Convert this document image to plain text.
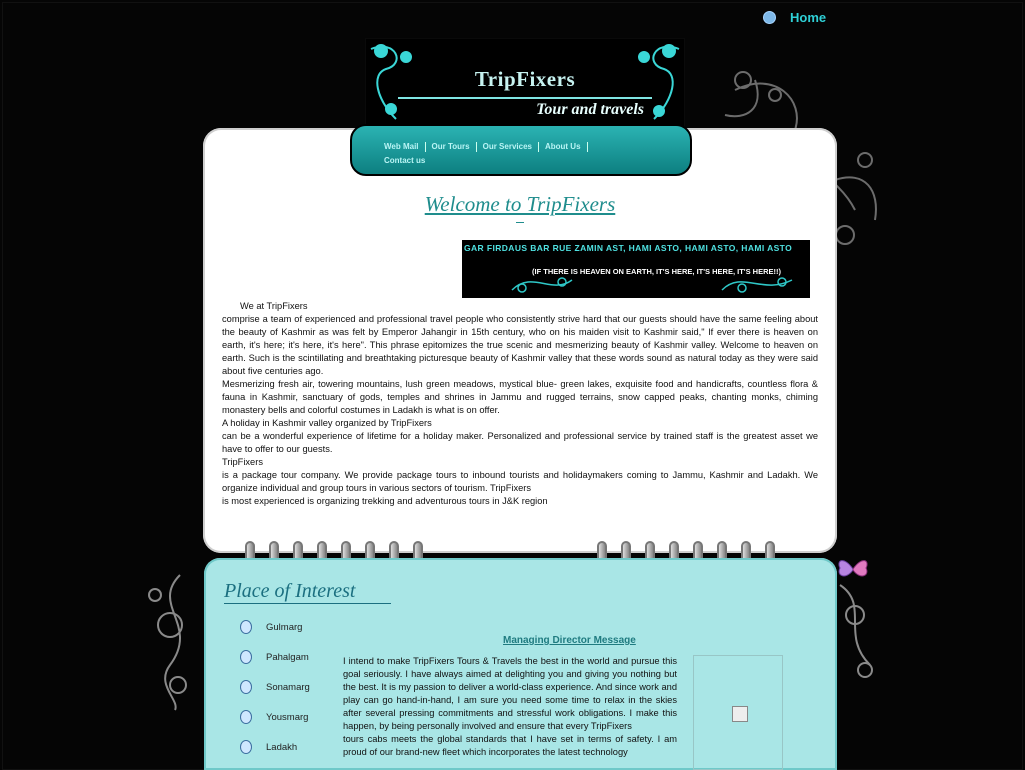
Home
TripFixers
Tour and travels
Web Mail Our Tours Our Services About Us
Contact us
Welcome to TripFixers
GAR FIRDAUS BAR RUE ZAMIN AST, HAMI ASTO, HAMI ASTO, HAMI ASTO
(IF THERE IS HEAVEN ON EARTH, IT'S HERE, IT'S HERE, IT'S HERE!!)

We at TripFixers

comprise a team of experienced and professional travel people who consistently strive hard that our guests should have the same feeling about the beauty of Kashmir as was felt by Emperor Jahangir in 15th century, who on his maiden visit to Kashmir said," If ever there is heaven on earth, it's here; it's here, it's here". This phrase epitomizes the true scenic and mesmerizing beauty of Kashmir valley. Welcome to heaven on earth. Such is the scintillating and breathtaking picturesque beauty of Kashmir valley that these words sound as natural today as they were said about five centuries ago.

Mesmerizing fresh air, towering mountains, lush green meadows, mystical blue- green lakes, exquisite food and handicrafts, countless flora & fauna in Kashmir, sanctuary of gods, temples and shrines in Jammu and rugged terrains, snow capped peaks, chanting monks, chiming monastery bells and colorful costumes in Ladakh is what is on offer.

A holiday in Kashmir valley organized by TripFixers

can be a wonderful experience of lifetime for a holiday maker. Personalized and professional service by trained staff is the greatest asset we have to offer to our guests.

TripFixers

is a package tour company. We provide package tours to inbound tourists and holidaymakers coming to Jammu, Kashmir and Ladakh. We organize individual and group tours in various sectors of tourism. TripFixers

is most experienced is organizing trekking and adventurous tours in J&K region

Place of Interest
Gulmarg
Pahalgam
Sonamarg
Yousmarg
Ladakh
Managing Director Message

I intend to make TripFixers Tours & Travels the best in the world and pursue this goal seriously. I have always aimed at delighting you and giving you nothing but the best. It is my passion to deliver a world-class experience. And since work and play can go hand-in-hand, I am sure you need some time to relax in the skies after several pressing commitments and stressful work obligations. I make this happen, by being personally involved and ensure that every TripFixers

tours cabs meets the global standards that I have set in terms of safety. I am proud of our brand-new fleet which incorporates the latest technology
